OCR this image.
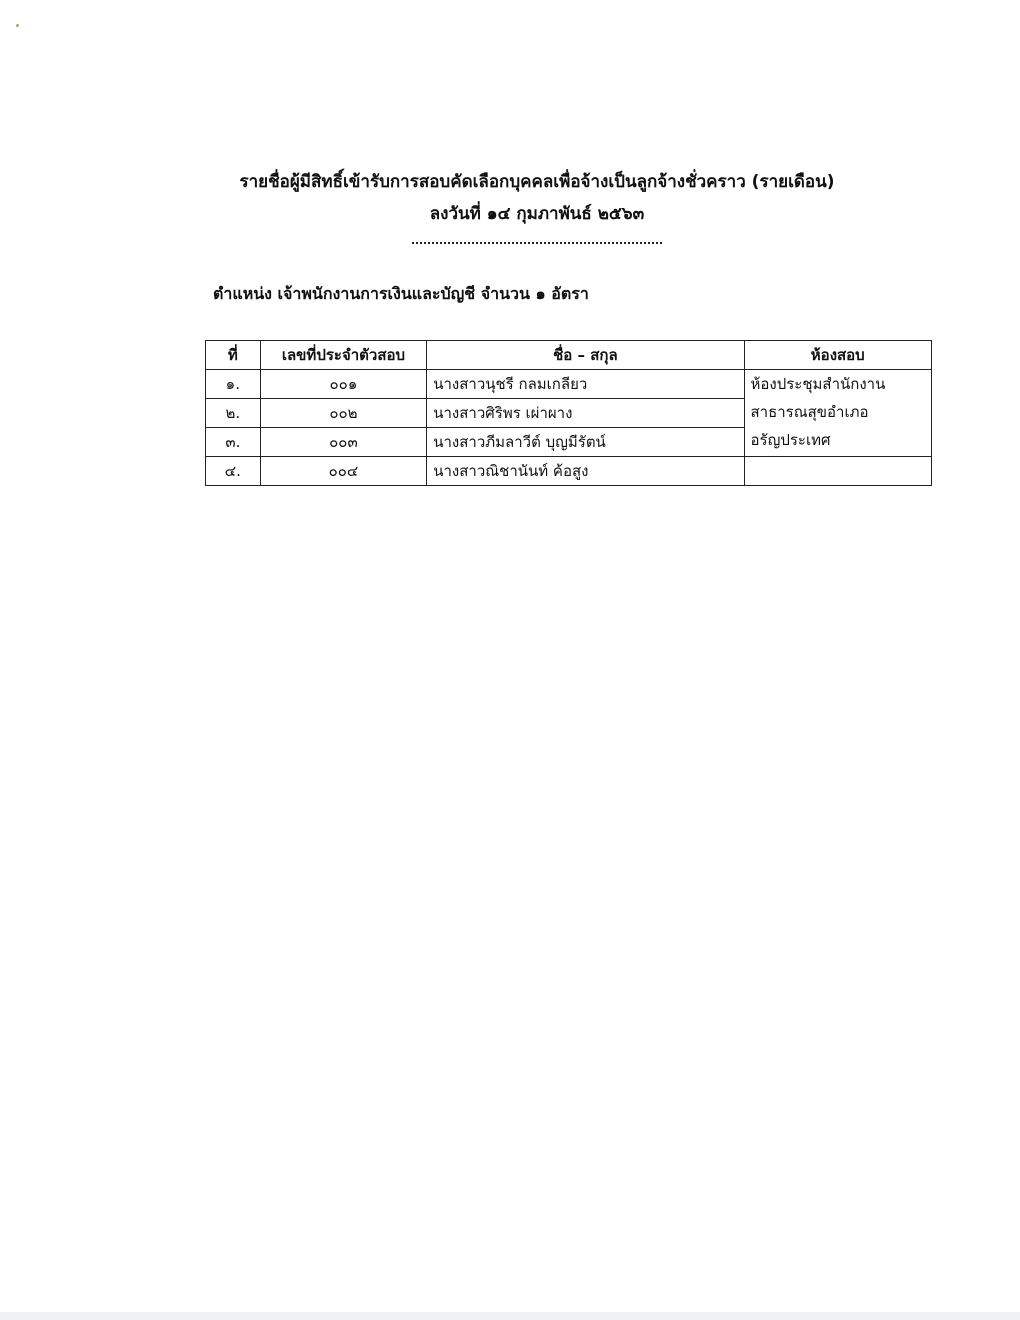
รายชื่อผู้มีสิทธิ์เข้ารับการสอบคัดเลือกบุคคลเพื่อจ้างเป็นลูกจ้างชั่วคราว (รายเดือน)
ลงวันที่ ๑๔ กุมภาพันธ์ ๒๕๖๓
ตำแหน่ง เจ้าพนักงานการเงินและบัญชี จำนวน ๑ อัตรา
ที่	เลขที่ประจำตัวสอบ	ชื่อ – สกุล	ห้องสอบ
๑.	๐๐๑	นางสาวนุชรี กลมเกลียว	ห้องประชุมสำนักงาน
สาธารณสุขอำเภอ
อรัญประเทศ

๒.	๐๐๒	นางสาวศิริพร เผ่าผาง	
๓.	๐๐๓	นางสาวภีมลาวีต์ บุญมีรัตน์	
๔.	๐๐๔	นางสาวณิชานันท์ ค้อสูง	
